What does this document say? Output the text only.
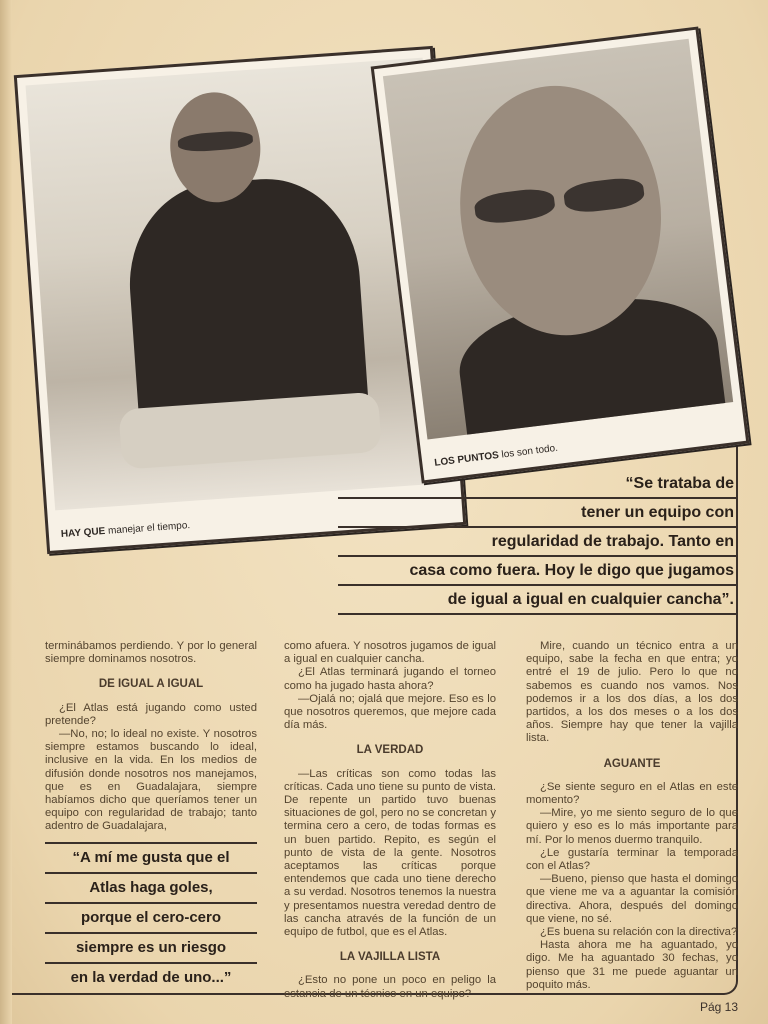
HAY QUE manejar el tiempo.
LOS PUNTOS los son todo.
“Se trataba de
tener un equipo con
regularidad de trabajo. Tanto en
casa como fuera. Hoy le digo que jugamos
de igual a igual en cualquier cancha”.

terminábamos perdiendo. Y por lo general siempre dominamos nosotros.

DE IGUAL A IGUAL

¿El Atlas está jugando como usted pretende?

—No, no; lo ideal no existe. Y nosotros siempre estamos buscando lo ideal, inclusive en la vida. En los medios de difusión donde nosotros nos manejamos, que es en Guadalajara, siempre habíamos dicho que queríamos tener un equipo con regularidad de trabajo; tanto adentro de Guadalajara,

“A mí me gusta que el
Atlas haga goles,
porque el cero-cero
siempre es un riesgo
en la verdad de uno...”

como afuera. Y nosotros jugamos de igual a igual en cualquier cancha.

¿El Atlas terminará jugando el torneo como ha jugado hasta ahora?

—Ojalá no; ojalá que mejore. Eso es lo que nosotros queremos, que mejore cada día más.

LA VERDAD

—Las críticas son como todas las críticas. Cada uno tiene su punto de vista. De repente un partido tuvo buenas situaciones de gol, pero no se concretan y termina cero a cero, de todas formas es un buen partido. Repito, es según el punto de vista de la gente. Nosotros aceptamos las críticas porque entendemos que cada uno tiene derecho a su verdad. Nosotros tenemos la nuestra y presentamos nuestra veredad dentro de las cancha através de la función de un equipo de futbol, que es el Atlas.

LA VAJILLA LISTA

¿Esto no pone un poco en peligo la estancia de un técnico en un equipo?

Mire, cuando un técnico entra a un equipo, sabe la fecha en que entra; yo entré el 19 de julio. Pero lo que no sabemos es cuando nos vamos. Nos podemos ir a los dos días, a los dos partidos, a los dos meses o a los dos años. Siempre hay que tener la vajilla lista.

AGUANTE

¿Se siente seguro en el Atlas en este momento?

—Mire, yo me siento seguro de lo que quiero y eso es lo más importante para mí. Por lo menos duermo tranquilo.

¿Le gustaría terminar la temporada con el Atlas?

—Bueno, pienso que hasta el domingo que viene me va a aguantar la comisión directiva. Ahora, después del domingo que viene, no sé.

¿Es buena su relación con la directiva?

Hasta ahora me ha aguantado, yo digo. Me ha aguantado 30 fechas, yo pienso que 31 me puede aguantar un poquito más.

Pág 13
